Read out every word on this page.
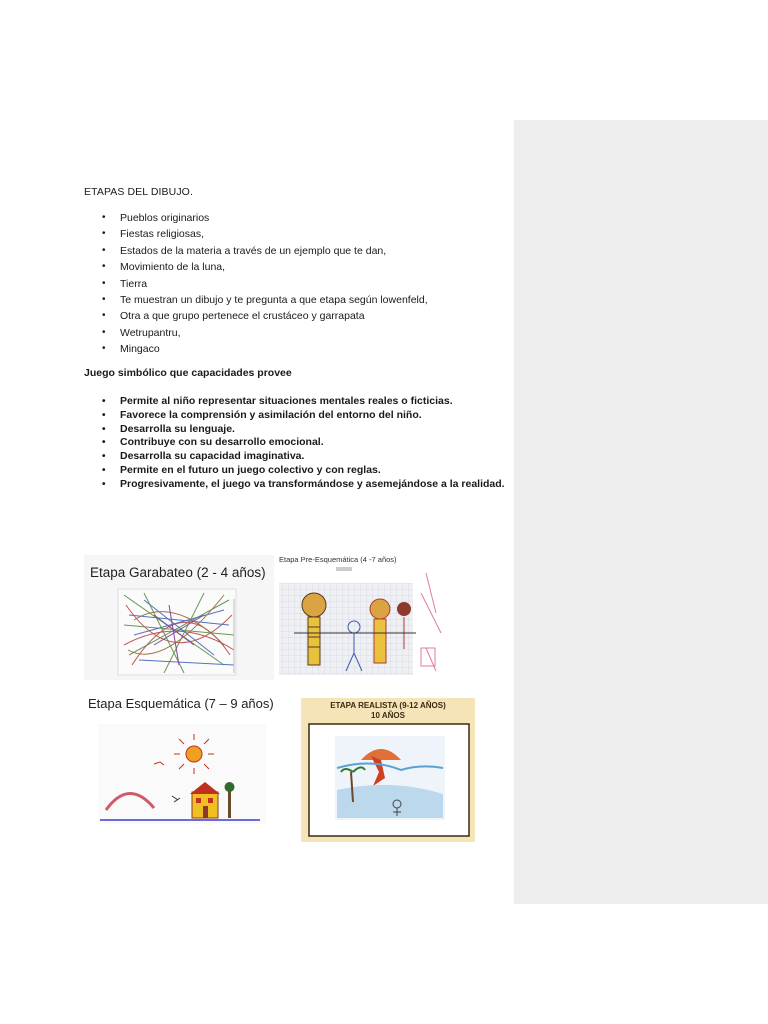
ETAPAS DEL DIBUJO.
• Pueblos originarios
• Fiestas religiosas,
• Estados de la materia a través de un ejemplo que te dan,
• Movimiento de la luna,
• Tierra
• Te muestran un dibujo y te pregunta a que etapa según lowenfeld,
• Otra a que grupo pertenece el crustáceo y garrapata
• Wetrupantru,
• Mingaco
Juego simbólico que capacidades provee
• Permite al niño representar situaciones mentales reales o ficticias.
• Favorece la comprensión y asimilación del entorno del niño.
• Desarrolla su lenguaje.
• Contribuye con su desarrollo emocional.
• Desarrolla su capacidad imaginativa.
• Permite en el futuro un juego colectivo y con reglas.
• Progresivamente, el juego va transformándose y asemejándose a la realidad.
Etapa Garabateo (2 - 4 años)
Etapa Pre-Esquemática (4 -7 años)
Etapa Esquemática (7 – 9 años)	ETAPA REALISTA (9-12 AÑOS)
10 AÑOS
